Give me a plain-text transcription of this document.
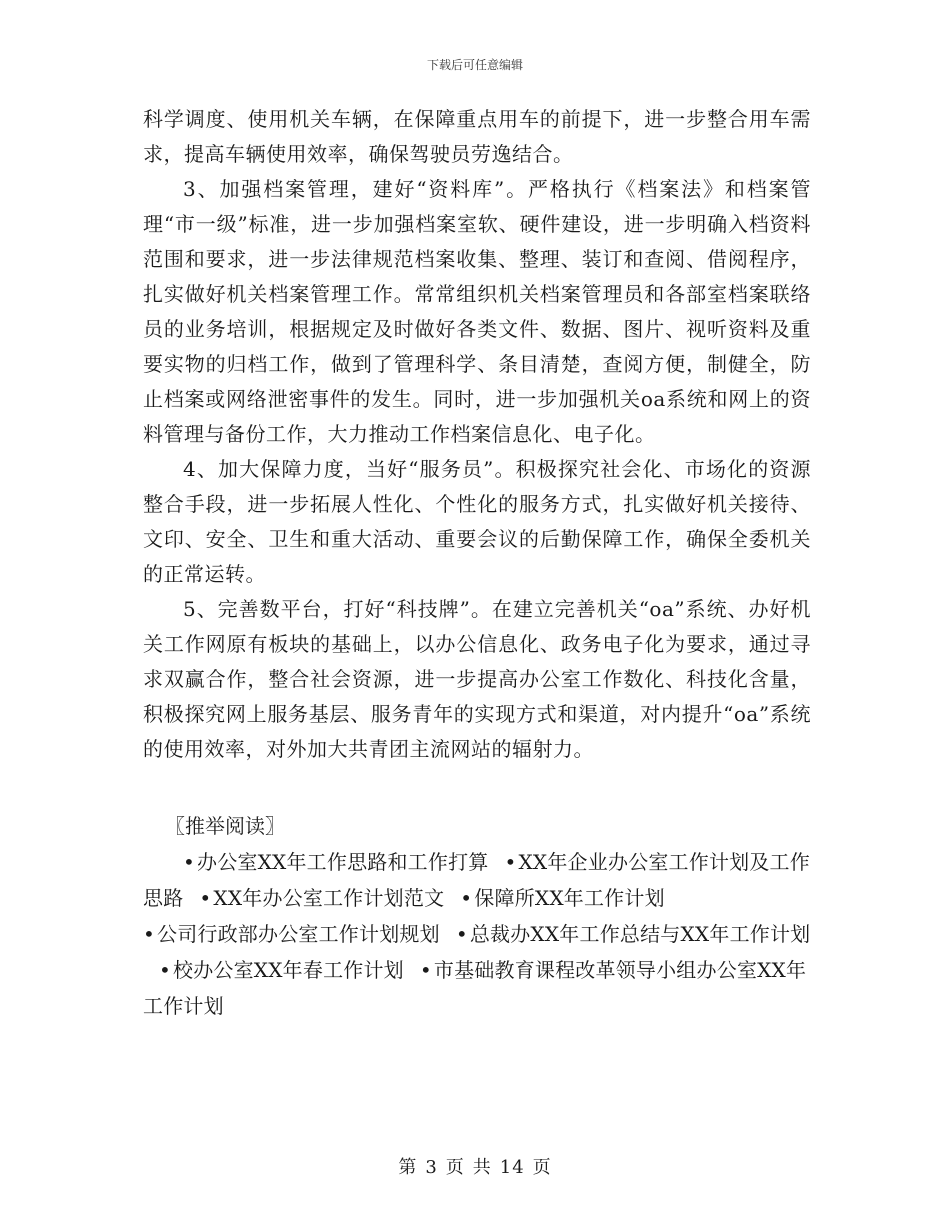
下载后可任意编辑

科学调度、使用机关车辆，在保障重点用车的前提下，进一步整合用车需求，提高车辆使用效率，确保驾驶员劳逸结合。

3、加强档案管理，建好“资料库”。严格执行《档案法》和档案管理“市一级”标准，进一步加强档案室软、硬件建设，进一步明确入档资料范围和要求，进一步法律规范档案收集、整理、装订和查阅、借阅程序，扎实做好机关档案管理工作。常常组织机关档案管理员和各部室档案联络员的业务培训，根据规定及时做好各类文件、数据、图片、视听资料及重要实物的归档工作，做到了管理科学、条目清楚，查阅方便，制健全，防止档案或网络泄密事件的发生。同时，进一步加强机关oa系统和网上的资料管理与备份工作，大力推动工作档案信息化、电子化。

4、加大保障力度，当好“服务员”。积极探究社会化、市场化的资源整合手段，进一步拓展人性化、个性化的服务方式，扎实做好机关接待、文印、安全、卫生和重大活动、重要会议的后勤保障工作，确保全委机关的正常运转。

5、完善数平台，打好“科技牌”。在建立完善机关“oa”系统、办好机关工作网原有板块的基础上，以办公信息化、政务电子化为要求，通过寻求双赢合作，整合社会资源，进一步提高办公室工作数化、科技化含量，积极探究网上服务基层、服务青年的实现方式和渠道，对内提升“oa”系统的使用效率，对外加大共青团主流网站的辐射力。

〖推举阅读〗
• 办公室XX年工作思路和工作打算 • XX年企业办公室工作计划及工作思路 • XX年办公室工作计划范文 • 保障所XX年工作计划• 公司行政部办公室工作计划规划 • 总裁办XX年工作总结与XX年工作计划• 校办公室XX年春工作计划 • 市基础教育课程改革领导小组办公室XX年工作计划
第 3 页 共 14 页
